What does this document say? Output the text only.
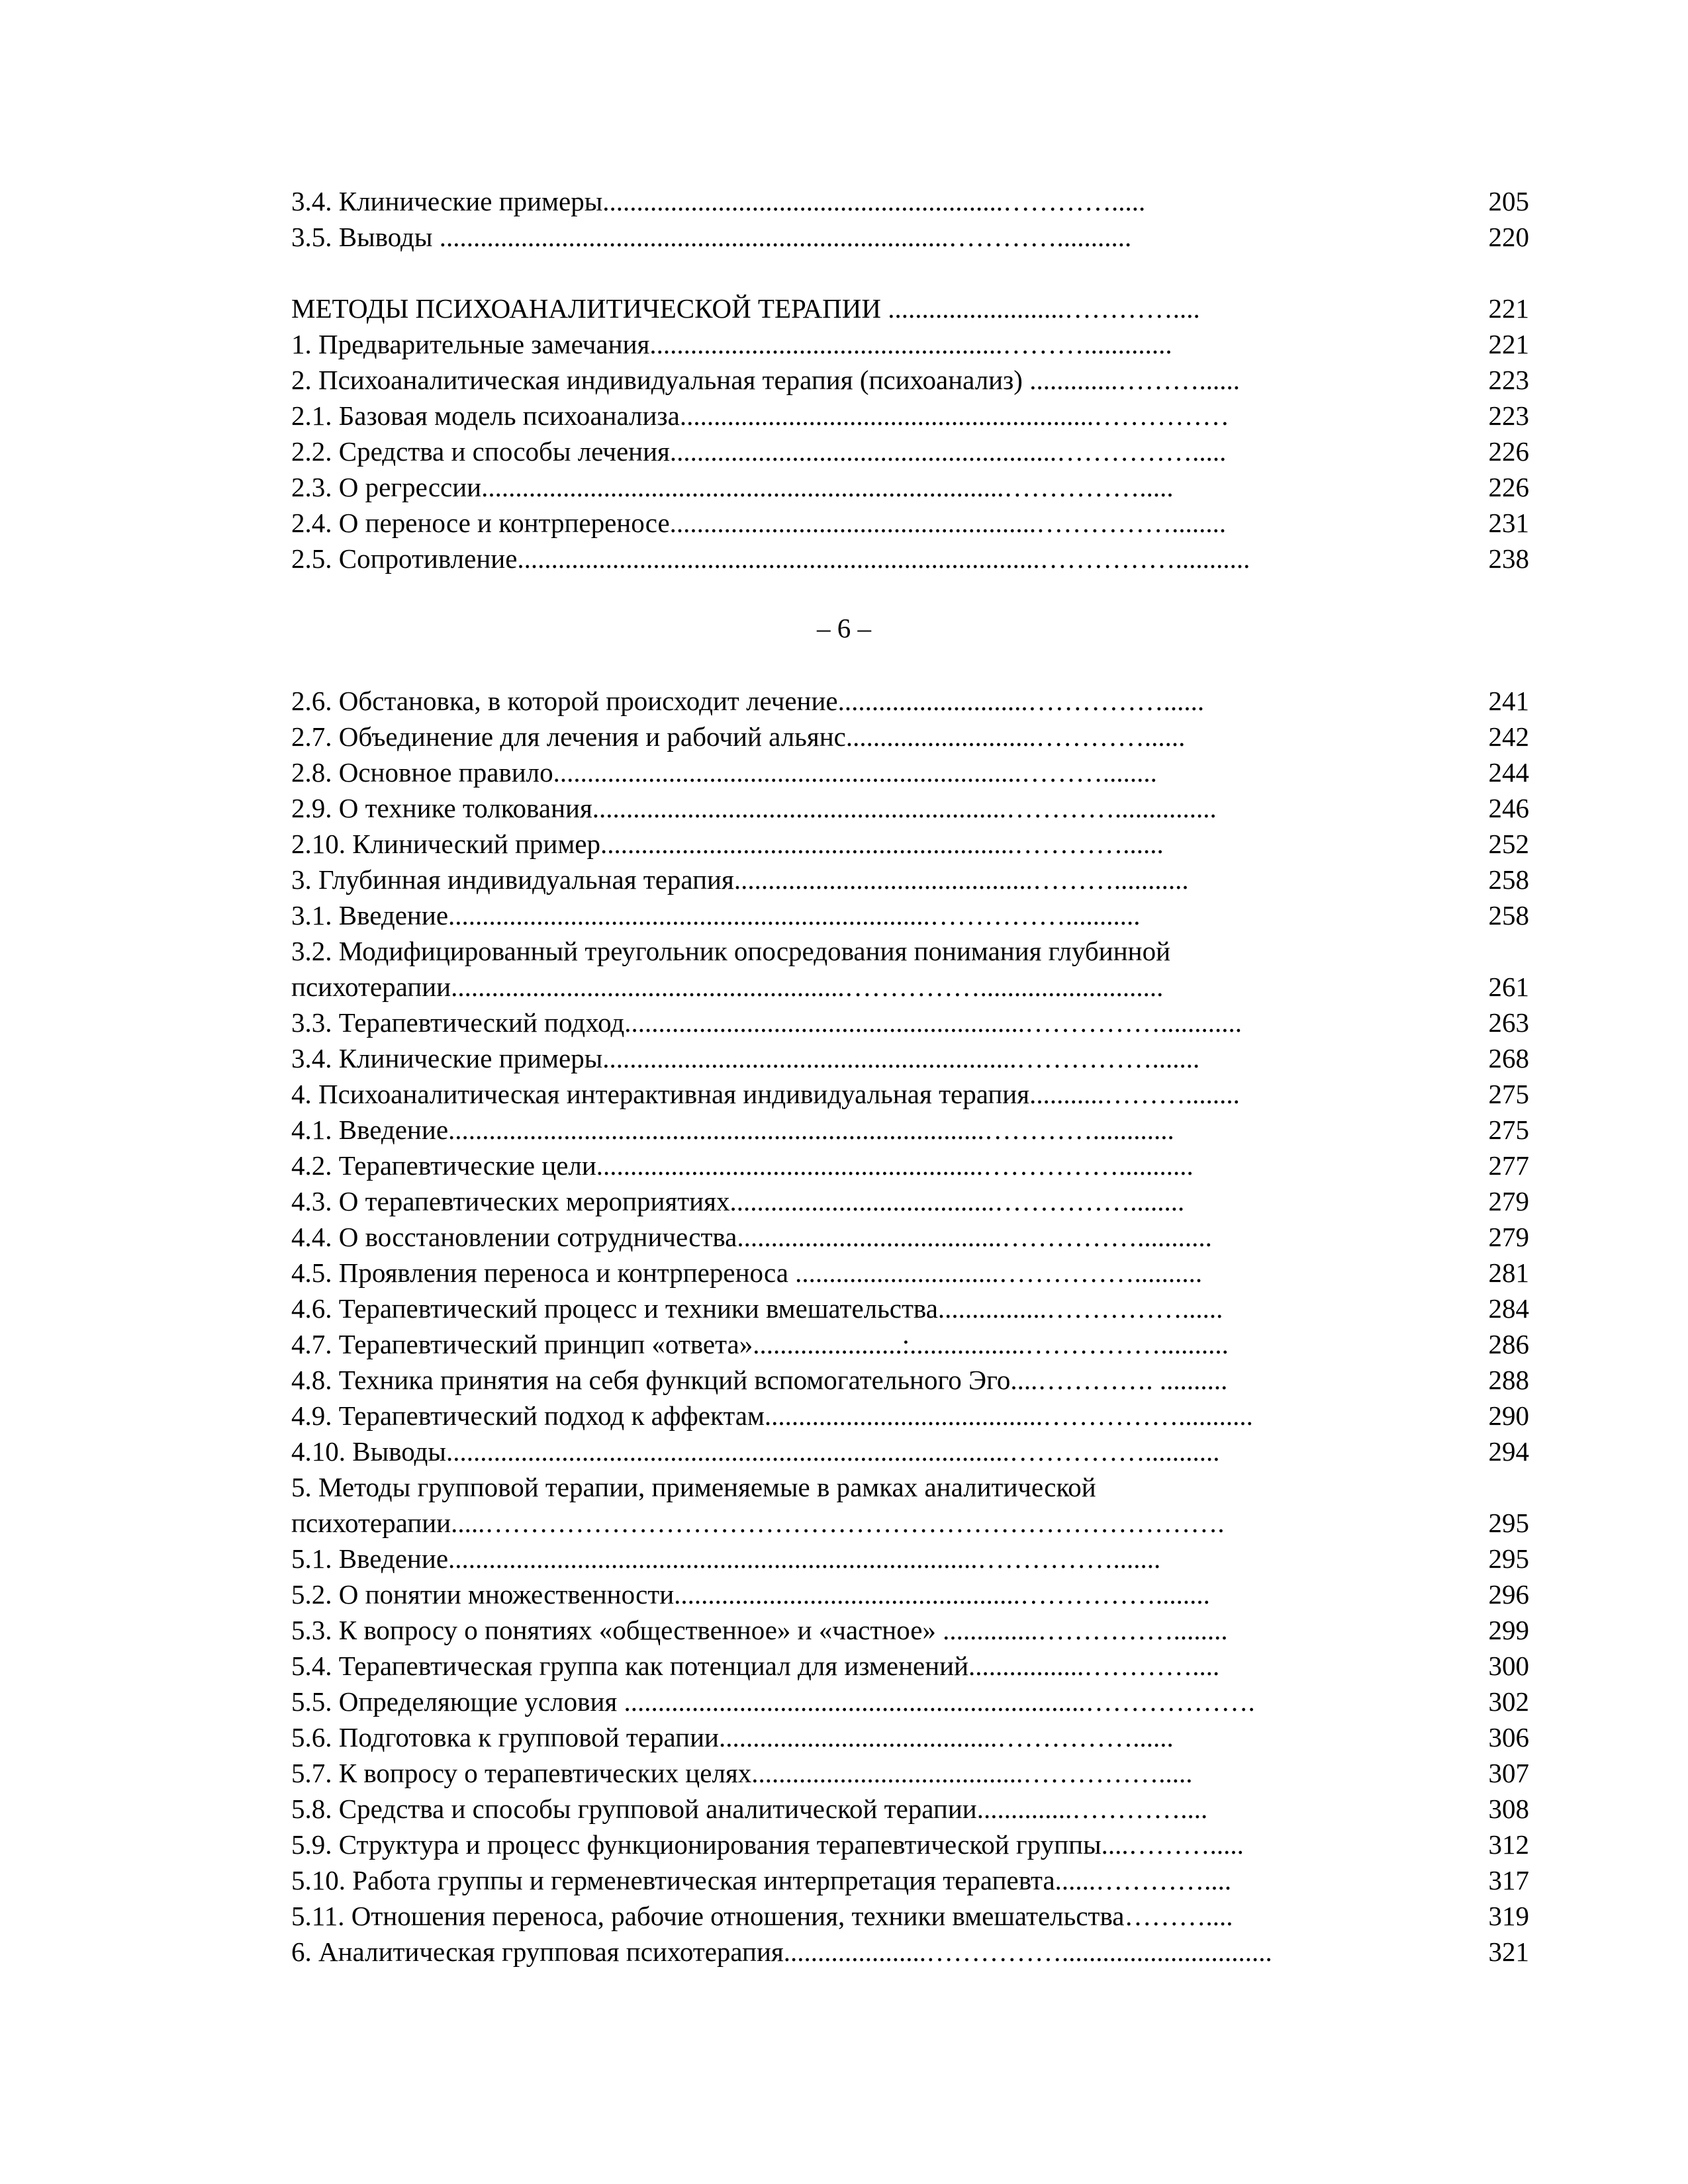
3.4. Клинические примеры...........................................................………….....	205
3.5. Выводы ...........................................................................…………...........	220
МЕТОДЫ ПСИХОАНАЛИТИЧЕСКОЙ ТЕРАПИИ ..........................…………....	221
1. Предварительные замечания....................................................……….............	221
2. Психоаналитическая индивидуальная терапия (психоанализ) .............………......	223
2.1. Базовая модель психоанализа.............................................................……………	223
2.2. Средства и способы лечения.........................................................…………….....	226
2.3. О регрессии.............................................................................…………….....	226
2.4. О переносе и контрпереносе......................................................……………........	231
2.5. Сопротивление.............................................................................……………...........	238
– 6 –
2.6. Обстановка, в которой происходит лечение............................……………......	241
2.7. Объединение для лечения и рабочий альянс............................…………......	242
2.8. Основное правило.....................................................................………........	244
2.9. О технике толкования.............................................................…………...............	246
2.10. Клинический пример.............................................................…………......	252
3. Глубинная индивидуальная терапия............................................………...........	258
3.1. Введение.......................................................................……………...........	258
3.2. Модифицированный треугольник опосредования понимания глубинной
психотерапии..........................................................……………...........................	261
3.3. Терапевтический подход...........................................................……………............	263
3.4. Клинические примеры.............................................................…………….......	268
4. Психоаналитическая интерактивная индивидуальная терапия...........………........	275
4.1. Введение...............................................................................…………............	275
4.2. Терапевтические цели.........................................................……………...........	277
4.3. О терапевтических мероприятиях.......................................……………........	279
4.4. О восстановлении сотрудничества.......................................……………...........	279
4.5. Проявления переноса и контрпереноса ..............................……………..........	281
4.6. Терапевтический процесс и техники вмешательства................……………......	284
4.7. Терапевтический принцип «ответа»......................:.................……………..........	286
4.8. Техника принятия на себя функций вспомогательного Эго....…………. ..........	288
4.9. Терапевтический подход к аффектам.........................................……………...........	290
4.10. Выводы...................................................................................……………...........	294
5. Методы групповой терапии, применяемые в рамках аналитической
психотерапии.....……………………………………………………………………….	295
5.1. Введение..............................................................................…………….......	295
5.2. О понятии множественности...................................................……………........	296
5.3. К вопросу о понятиях «общественное» и «частное» ..............……………........	299
5.4. Терапевтическая группа как потенциал для изменений.................…………....	300
5.5. Определяющие условия ....................................................................……………….	302
5.6. Подготовка к групповой терапии.........................................……………......	306
5.7. К вопросу о терапевтических целях........................................…………….....	307
5.8. Средства и способы групповой аналитической терапии..............…………....	308
5.9. Структура и процесс функционирования терапевтической группы....……….....	312
5.10. Работа группы и герменевтическая интерпретация терапевта......…………....	317
5.11. Отношения переноса, рабочие отношения, техники вмешательства………....	319
6. Аналитическая групповая психотерапия.....................……………...............................	321
